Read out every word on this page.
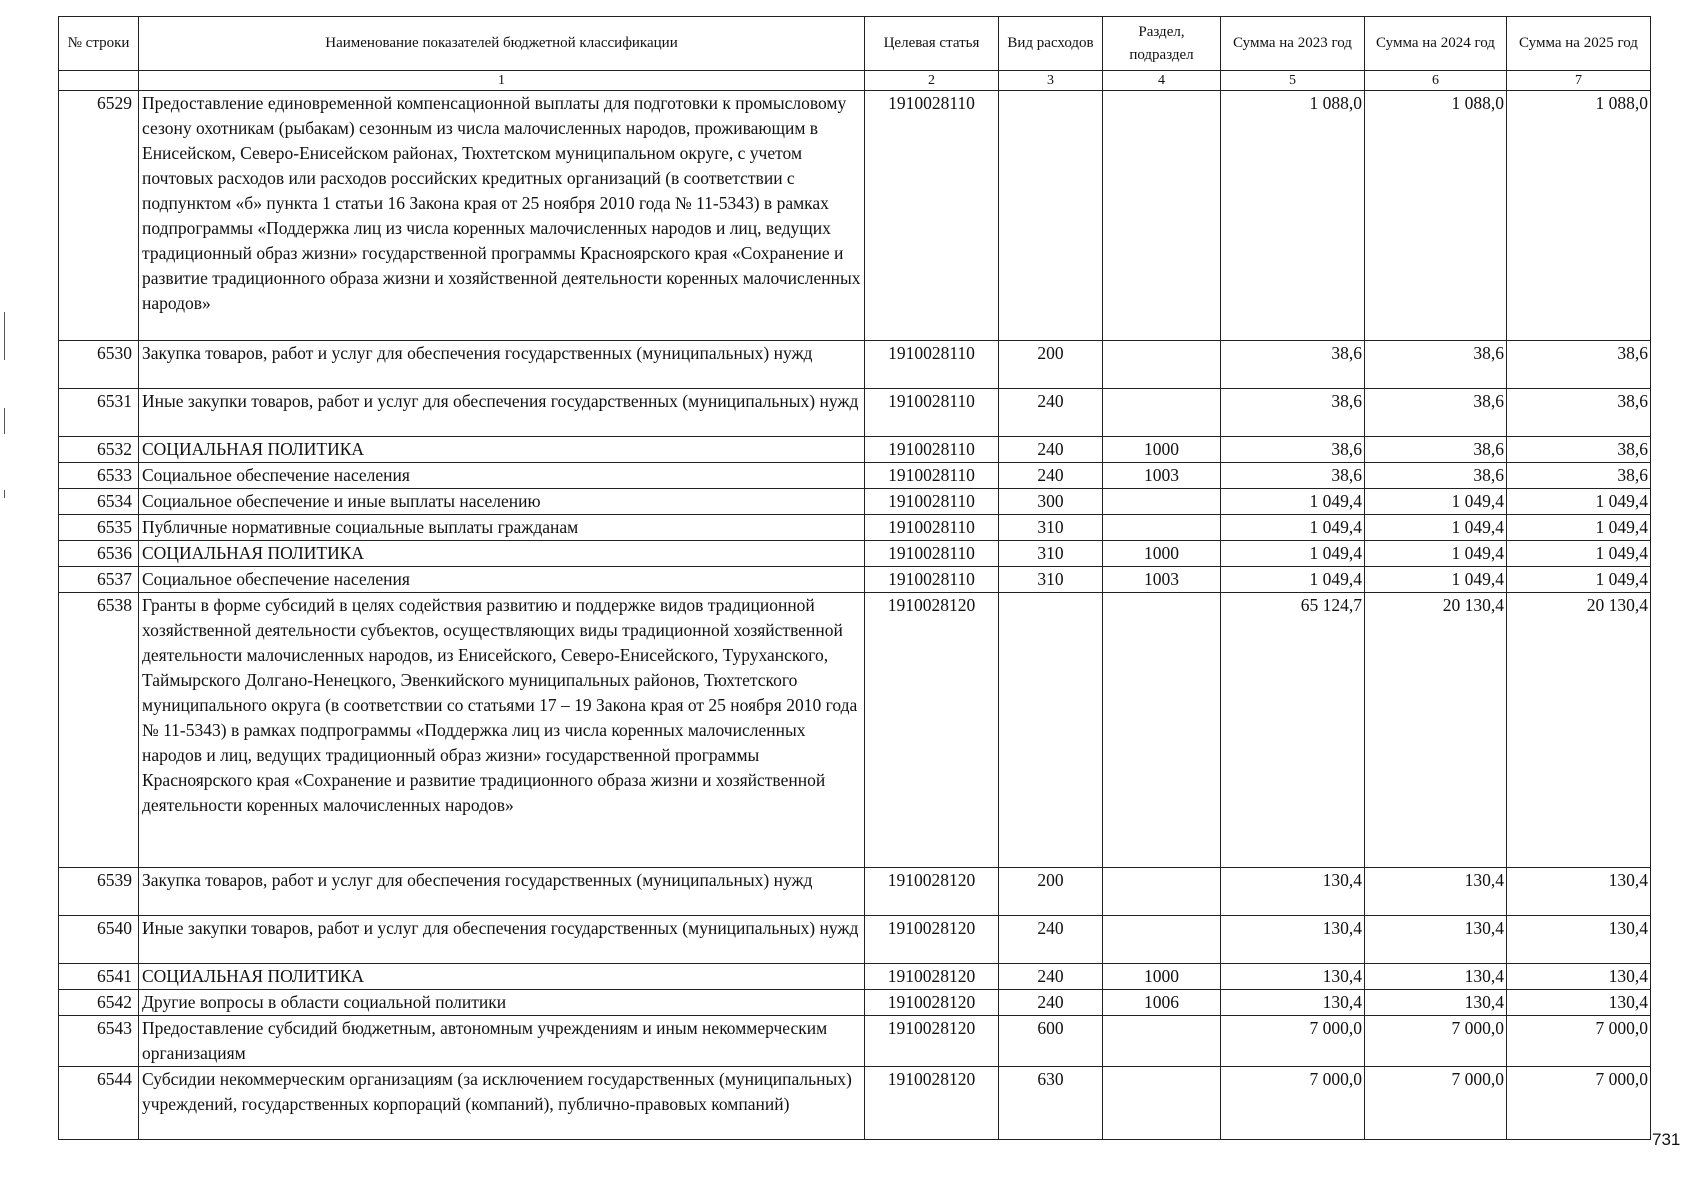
№ строки	Наименование показателей бюджетной классификации	Целевая статья	Вид расходов	Раздел, подраздел	Сумма на 2023 год	Сумма на 2024 год	Сумма на 2025 год
	1	2	3	4	5	6	7
6529	Предоставление единовременной компенсационной выплаты для подготовки к промысловому сезону охотникам (рыбакам) сезонным из числа малочисленных народов, проживающим в Енисейском, Северо-Енисейском районах, Тюхтетском муниципальном округе, с учетом почтовых расходов или расходов российских кредитных организаций (в соответствии с подпунктом «б» пункта 1 статьи 16 Закона края от 25 ноября 2010 года № 11-5343) в рамках подпрограммы «Поддержка лиц из числа коренных малочисленных народов и лиц, ведущих традиционный образ жизни» государственной программы Красноярского края «Сохранение и развитие традиционного образа жизни и хозяйственной деятельности коренных малочисленных народов»	1910028110			1 088,0	1 088,0	1 088,0
6530	Закупка товаров, работ и услуг для обеспечения государственных (муниципальных) нужд	1910028110	200		38,6	38,6	38,6
6531	Иные закупки товаров, работ и услуг для обеспечения государственных (муниципальных) нужд	1910028110	240		38,6	38,6	38,6
6532	СОЦИАЛЬНАЯ ПОЛИТИКА	1910028110	240	1000	38,6	38,6	38,6
6533	Социальное обеспечение населения	1910028110	240	1003	38,6	38,6	38,6
6534	Социальное обеспечение и иные выплаты населению	1910028110	300		1 049,4	1 049,4	1 049,4
6535	Публичные нормативные социальные выплаты гражданам	1910028110	310		1 049,4	1 049,4	1 049,4
6536	СОЦИАЛЬНАЯ ПОЛИТИКА	1910028110	310	1000	1 049,4	1 049,4	1 049,4
6537	Социальное обеспечение населения	1910028110	310	1003	1 049,4	1 049,4	1 049,4
6538	Гранты в форме субсидий в целях содействия развитию и поддержке видов традиционной хозяйственной деятельности субъектов, осуществляющих виды традиционной хозяйственной деятельности малочисленных народов, из Енисейского, Северо-Енисейского, Туруханского, Таймырского Долгано-Ненецкого, Эвенкийского муниципальных районов, Тюхтетского муниципального округа (в соответствии со статьями 17 – 19 Закона края от 25 ноября 2010 года № 11-5343) в рамках подпрограммы «Поддержка лиц из числа коренных малочисленных народов и лиц, ведущих традиционный образ жизни» государственной программы Красноярского края «Сохранение и развитие традиционного образа жизни и хозяйственной деятельности коренных малочисленных народов»	1910028120			65 124,7	20 130,4	20 130,4
6539	Закупка товаров, работ и услуг для обеспечения государственных (муниципальных) нужд	1910028120	200		130,4	130,4	130,4
6540	Иные закупки товаров, работ и услуг для обеспечения государственных (муниципальных) нужд	1910028120	240		130,4	130,4	130,4
6541	СОЦИАЛЬНАЯ ПОЛИТИКА	1910028120	240	1000	130,4	130,4	130,4
6542	Другие вопросы в области социальной политики	1910028120	240	1006	130,4	130,4	130,4
6543	Предоставление субсидий бюджетным, автономным учреждениям и иным некоммерческим организациям	1910028120	600		7 000,0	7 000,0	7 000,0
6544	Субсидии некоммерческим организациям (за исключением государственных (муниципальных) учреждений, государственных корпораций (компаний), публично-правовых компаний)	1910028120	630		7 000,0	7 000,0	7 000,0
731
